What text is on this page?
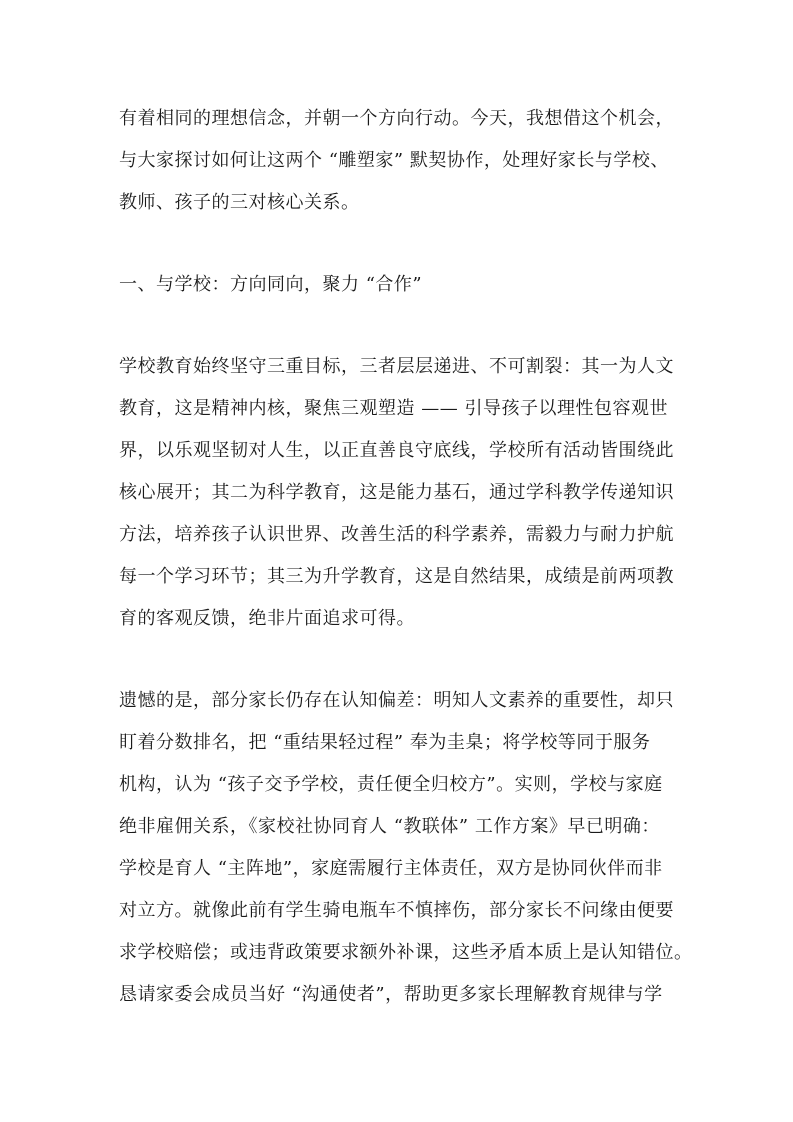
有着相同的理想信念，并朝一个方向行动。今天，我想借这个机会，
与大家探讨如何让这两个 “雕塑家” 默契协作，处理好家长与学校、
教师、孩子的三对核心关系。
一、与学校：方向同向，聚力 “合作”
学校教育始终坚守三重目标，三者层层递进、不可割裂：其一为人文
教育，这是精神内核，聚焦三观塑造 —— 引导孩子以理性包容观世
界，以乐观坚韧对人生，以正直善良守底线，学校所有活动皆围绕此
核心展开；其二为科学教育，这是能力基石，通过学科教学传递知识
方法，培养孩子认识世界、改善生活的科学素养，需毅力与耐力护航
每一个学习环节；其三为升学教育，这是自然结果，成绩是前两项教
育的客观反馈，绝非片面追求可得。
遗憾的是，部分家长仍存在认知偏差：明知人文素养的重要性，却只
盯着分数排名，把 “重结果轻过程” 奉为圭臬；将学校等同于服务
机构，认为 “孩子交予学校，责任便全归校方”。实则，学校与家庭
绝非雇佣关系，《家校社协同育人 “教联体” 工作方案》早已明确：
学校是育人 “主阵地”，家庭需履行主体责任，双方是协同伙伴而非
对立方。就像此前有学生骑电瓶车不慎摔伤，部分家长不问缘由便要
求学校赔偿；或违背政策要求额外补课，这些矛盾本质上是认知错位。
恳请家委会成员当好 “沟通使者”，帮助更多家长理解教育规律与学
